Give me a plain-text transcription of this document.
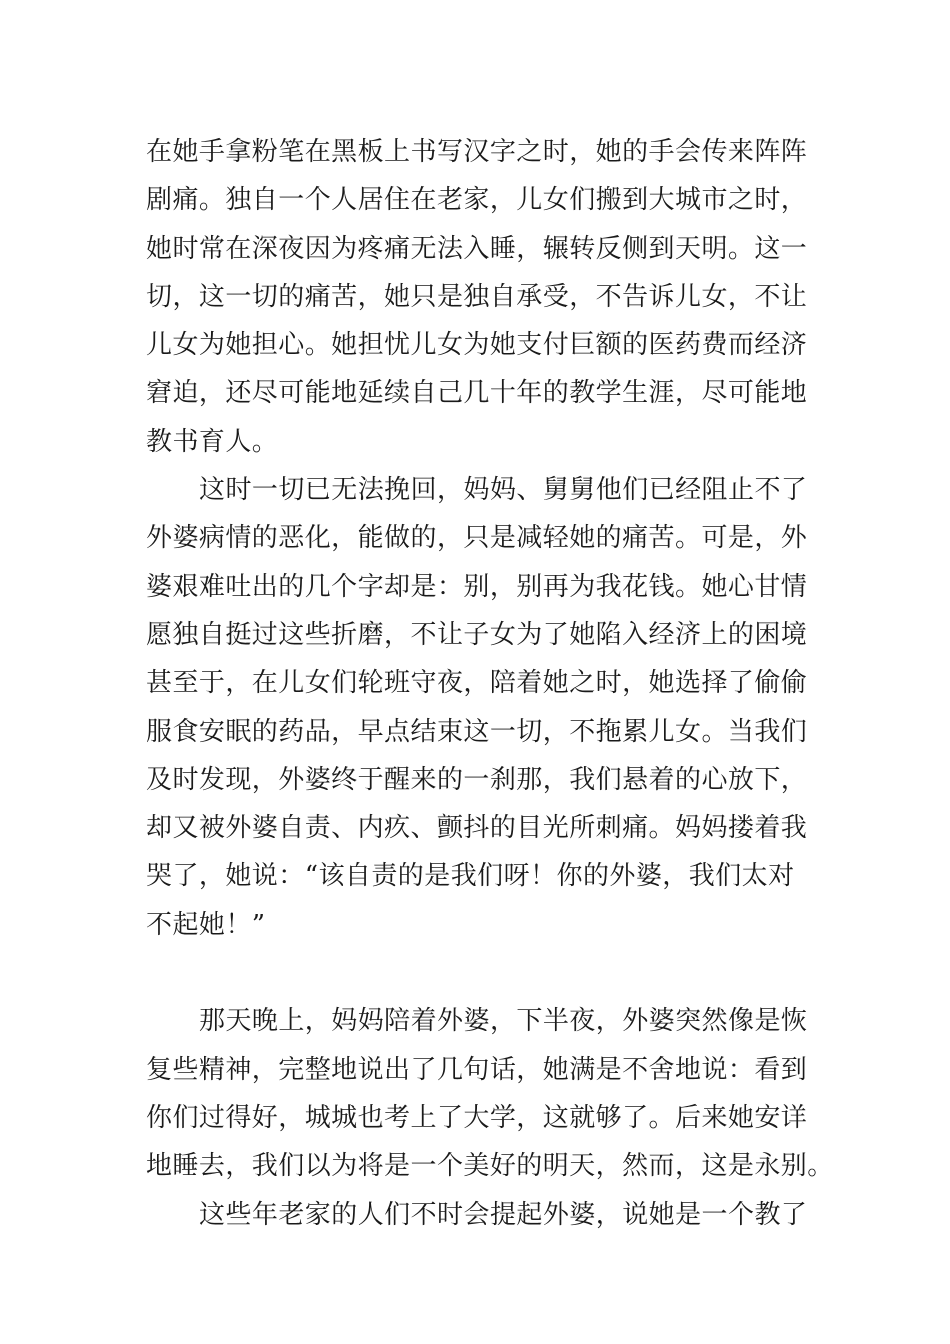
在她手拿粉笔在黑板上书写汉字之时，她的手会传来阵阵
剧痛。独自一个人居住在老家，儿女们搬到大城市之时，
她时常在深夜因为疼痛无法入睡，辗转反侧到天明。这一
切，这一切的痛苦，她只是独自承受，不告诉儿女，不让
儿女为她担心。她担忧儿女为她支付巨额的医药费而经济
窘迫，还尽可能地延续自己几十年的教学生涯，尽可能地
教书育人。
这时一切已无法挽回，妈妈、舅舅他们已经阻止不了
外婆病情的恶化，能做的，只是减轻她的痛苦。可是，外
婆艰难吐出的几个字却是：别，别再为我花钱。她心甘情
愿独自挺过这些折磨，不让子女为了她陷入经济上的困境
甚至于，在儿女们轮班守夜，陪着她之时，她选择了偷偷
服食安眠的药品，早点结束这一切，不拖累儿女。当我们
及时发现，外婆终于醒来的一刹那，我们悬着的心放下，
却又被外婆自责、内疚、颤抖的目光所刺痛。妈妈搂着我
哭了，她说：“该自责的是我们呀！你的外婆，我们太对
不起她！”
那天晚上，妈妈陪着外婆，下半夜，外婆突然像是恢
复些精神，完整地说出了几句话，她满是不舍地说：看到
你们过得好，城城也考上了大学，这就够了。后来她安详
地睡去，我们以为将是一个美好的明天，然而，这是永别。
这些年老家的人们不时会提起外婆，说她是一个教了
